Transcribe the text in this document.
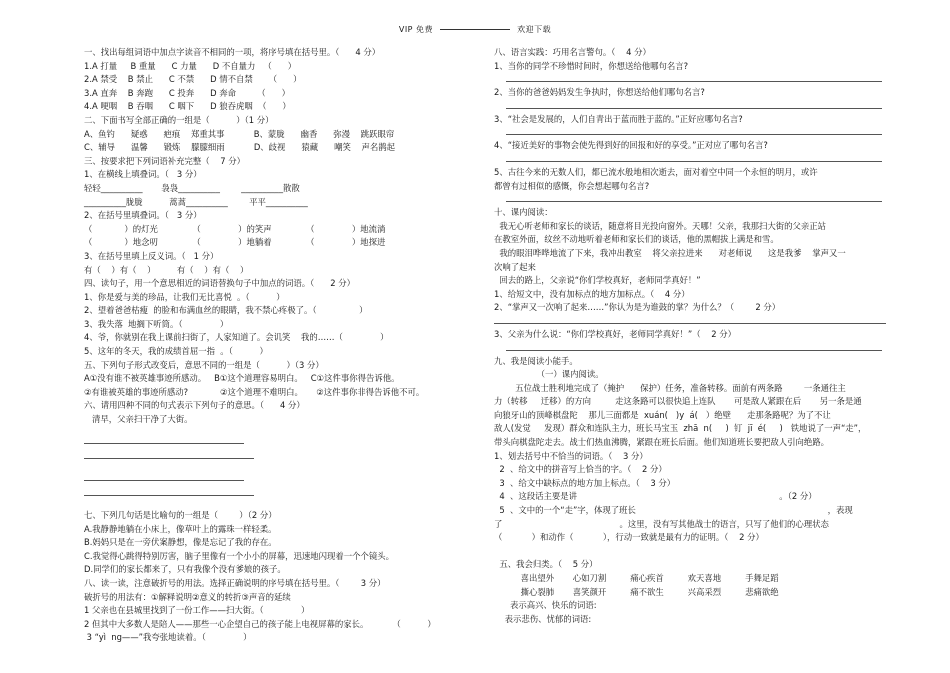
VIP 免费	欢迎下载
一、找出每组词语中加点字读音不相同的一项，将序号填在括号里。（      4 分）
1.A 打量     B 重量      C 力量      D 不自量力   （      ）
2.A 禁受    B 禁止      C 不禁      D 情不自禁      （      ）
3.A 直奔    B 奔跑      C 投奔      D 奔命        （      ）
4.A 哽咽    B 吞咽      C 咽下      D 狼吞虎咽  （      ）
二、下面书写全部正确的一组是（          ）（1 分）
A、鱼钓      疑惑      疤痕    郑重其事           B、蒙胧      幽香      弥漫    跳跃眼帘
C、辅导      温馨      锻炼    朦朦细雨           D、歧视      猿藏      嘲笑    声名鹊起
三、按要求把下列词语补充完整（    7 分）
1、在横线上填叠词。（   3 分）
轻轻__________       袅袅__________        __________散散
__________胧胧          蒿蒿__________        平平__________
2、在括号里填叠词。（   3 分）
（            ）的灯光             （              ）的笑声             （              ）地流淌
（            ）地念叨             （              ）地躺着             （              ）地探进
3、在括号里填上反义词。（   1 分）
有（    ）有（    ）        有（    ）有（    ）
四、读句子，用一个意思相近的词语替换句子中加点的词语。（      2 分）
1、你是爱与美的珍品，让我们无比喜悦  。（          ）
2、望着爸爸枯瘦  的脸和布满血丝的眼睛，我不禁心疼极了。（                ）
3、我失落  地搁下听筒。（              ）
4、爷，你就别在我上课前扫街了，人家知道了。会讥笑    我的……（              ）
5、这年的冬天，我的成绩首屈一指  。（          ）
五、下列句子形式改变后，意思不同的一组是（          ）（3 分）
A①没有谁不被英雄事迹所感动。   B①这个道理容易明白。   C①这件事你得告诉他。
②有谁被英雄的事迹所感动?            ②这个道理不难明白。     ②这件事你非得告诉他不可。
六、请用四种不同的句式表示下列句子的意思。（      4 分）
清早，父亲扫干净了大街。

七、下列几句话是比喻句的一组是（        ）（2 分）
A.我静静地躺在小床上，像草叶上的露珠一样轻柔。
B.妈妈只是在一旁伏案静想，像是忘记了我的存在。
C.我觉得心跳得特别厉害，脑子里像有一个小小的屏幕，迅速地闪现着一个个镜头。
D.同学们的家长都来了，只有我像个没有爹娘的孩子。
八、读一读，注意破折号的用法。选择正确说明的序号填在括号里。（        3 分）
破折号的用法有：①解释说明②意义的转折③声音的延续
1 父亲也在县城里找到了一份工作——扫大街。（              ）
2 但其中大多数人是陪人——那些一心企望自己的孩子能上电视屏幕的家长。         （          ）
3 “yì  ng——”我夸张地读着。（              ）
八、语言实践：巧用名言警句。（    4 分）
1、当你的同学不珍惜时间时，你想送给他哪句名言?
2、当你的爸爸妈妈发生争执时，你想送给他们哪句名言?
3、“社会是发展的，人们自青出于蓝而胜于蓝的。”正好应哪句名言?
4、“接近美好的事物会使先得到好的回报和好的享受。”正对应了哪句名言?
5、古往今来的无数人们，都已流水般地相次逝去，面对着空中同一个永恒的明月，或许
都曾有过相似的感慨，你会想起哪句名言?
十、课内阅读：
我无心听老师和家长的谈话，随意将目光投向窗外。天哪！父亲，我那扫大街的父亲正站
在教室外面，纹丝不动地听着老师和家长们的谈话，他的黑帽拔上满是和雪。
我的眼泪哗哗地流了下来，我冲出教室    将父亲拉进来      对老师说      这是我爹    掌声又一
次响了起来
回去的路上，父亲说“你们学校真好，老师同学真好！”
1、给短文中，没有加标点的地方加标点。（    4 分）
2、“掌声又一次响了起来……”你认为是为谁鼓的掌？为什么？（        2 分）
3、父亲为什么说：“你们学校真好，老师同学真好！”（    2 分）
九、我是阅读小能手。
（一）课内阅读。
五位战士胜利地完成了（掩护      保护）任务，准备转移。面前有两条路        一条通往主
力（转移     迁移）的方向         走这条路可以很快追上连队       可是敌人紧跟在后       另一条是通
向狼牙山的顶峰棋盘陀    那儿三面都是  xuán(   )y  á(   ）绝壁      走那条路呢？为了不让
敌人(发觉     发现）群众和连队主力，班长马宝玉  zhā  n(     )  钉  jī  é(     )   铁地说了一声“走”，
带头向棋盘陀走去。战士们热血沸腾，紧跟在班长后面。他们知道班长要把敌人引向绝路。
1、划去括号中不恰当的词语。（    3 分）
2  、给文中的拼音写上恰当的字。（    2 分）
3  、给文中缺标点的地方加上标点。（    3 分）
4  、这段话主要是讲                                                                            。（2 分）
5  、文中的一个“走”字，体现了班长                                                                        ，表现
了                                            。这里，没有写其他战士的语言，只写了他们的心理状态
（           ）和动作（           ），行动一致就是最有力的证明。（    2 分）
五、我会归类。（    5 分）
喜出望外       心如刀割         痛心疾首         欢天喜地         手舞足蹈
撕心裂肺       喜笑颜开         痛不欲生         兴高采烈         悲痛欲绝
表示高兴、快乐的词语:
表示悲伤、忧郁的词语:
